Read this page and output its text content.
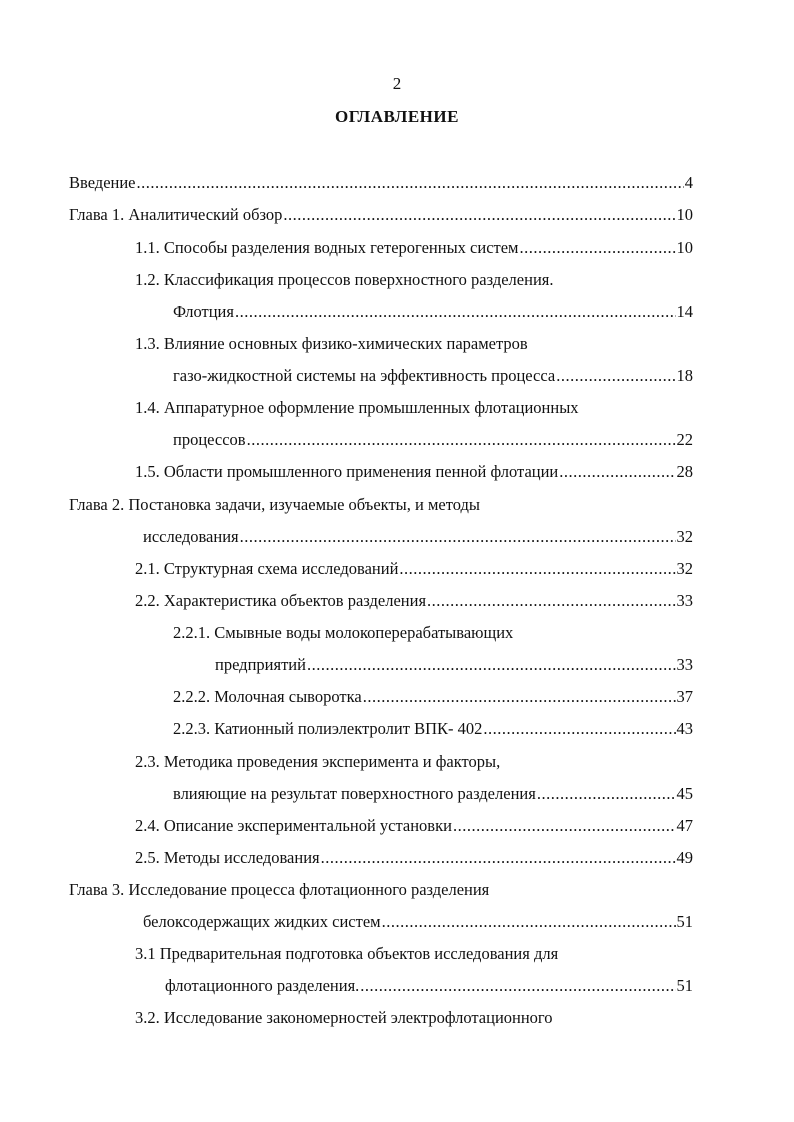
2
ОГЛАВЛЕНИЕ
Введение .....	4
Глава 1. Аналитический обзор .....	10
1.1. Способы разделения водных гетерогенных систем .....	10
1.2. Классификация процессов поверхностного разделения.
Флотция .....	14
1.3. Влияние основных физико-химических параметров
газо-жидкостной системы на эффективность процесса .....	18
1.4. Аппаратурное оформление промышленных флотационных
процессов .....	22
1.5. Области промышленного применения пенной флотации .....	28
Глава 2. Постановка задачи, изучаемые объекты, и методы
исследования .....	32
2.1. Структурная схема исследований .....	32
2.2. Характеристика объектов разделения .....	33
2.2.1. Смывные воды молокоперерабатывающих
предприятий .....	33
2.2.2. Молочная сыворотка .....	37
2.2.3. Катионный полиэлектролит ВПК- 402 .....	43
2.3. Методика проведения эксперимента и факторы,
влияющие на результат поверхностного разделения .....	45
2.4. Описание экспериментальной установки .....	47
2.5. Методы исследования .....	49
Глава 3. Исследование процесса флотационного разделения
белоксодержащих жидких систем .....	51
3.1 Предварительная подготовка объектов исследования для
флотационного разделения. .....	51
3.2. Исследование закономерностей электрофлотационного
